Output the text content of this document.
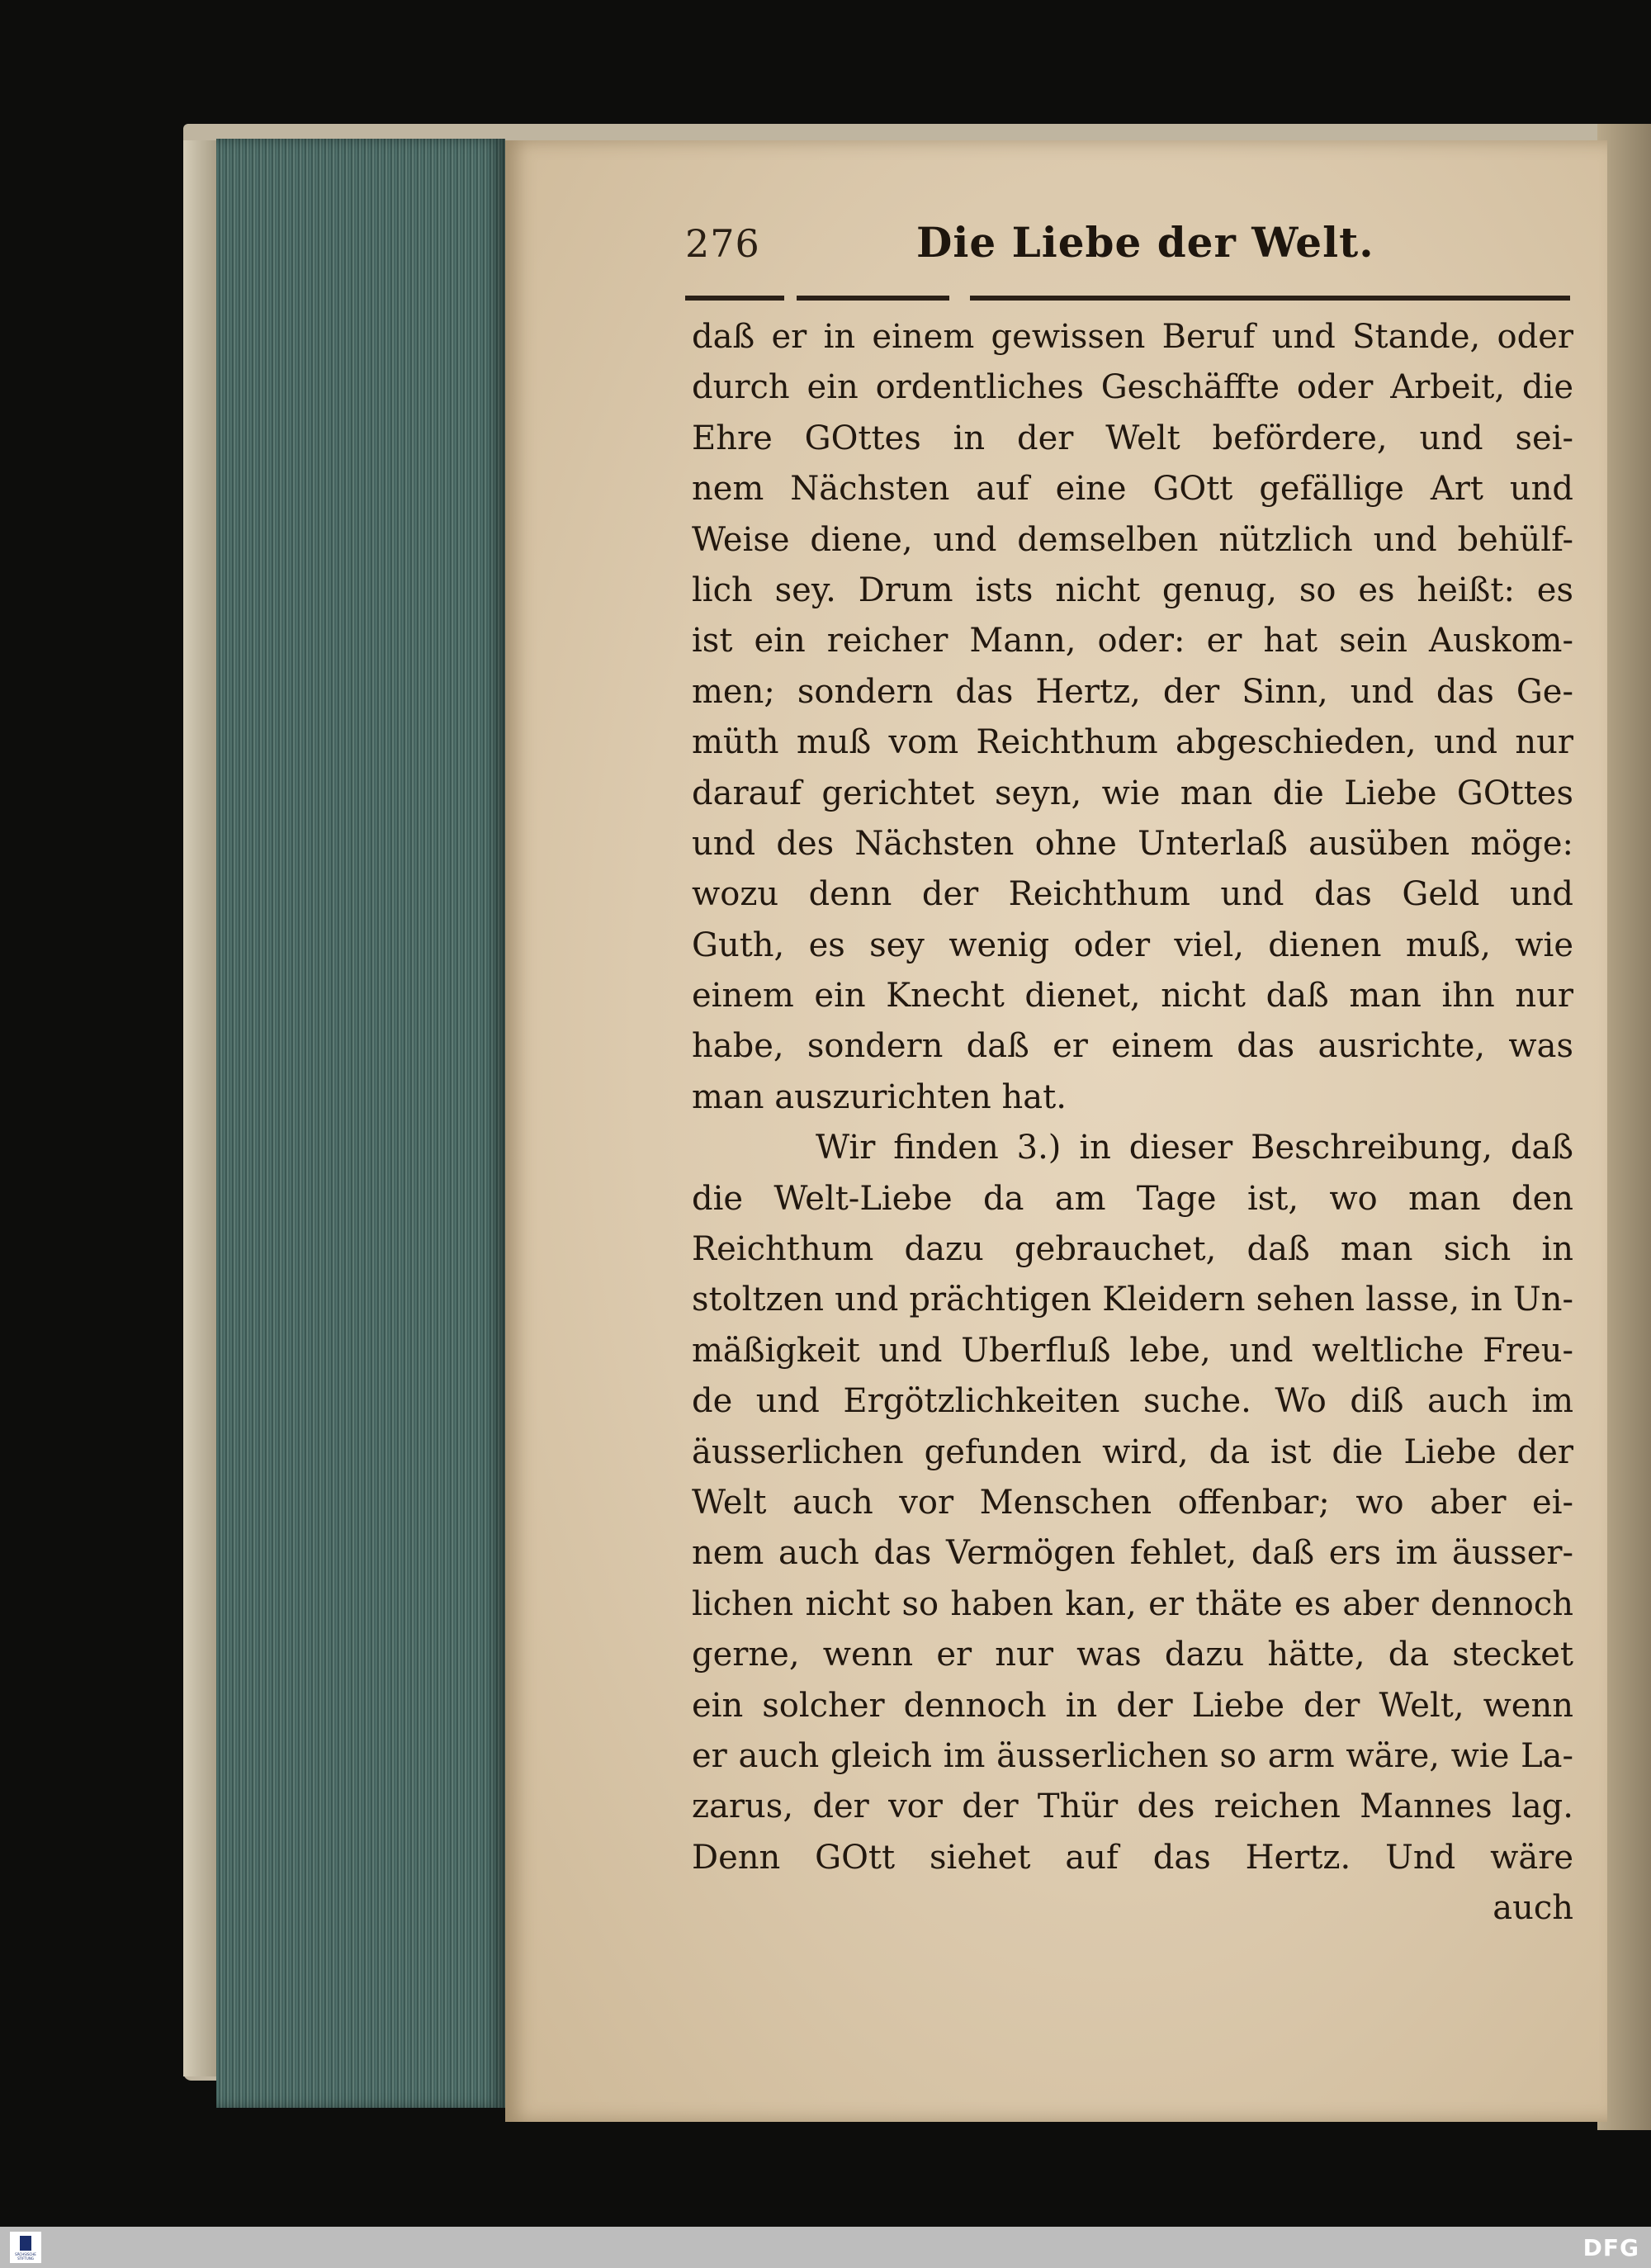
276	Die Liebe der Welt.
daß er in einem gewissen Beruf und Stande, oder
durch ein ordentliches Geschäffte oder Arbeit, die
Ehre GOttes in der Welt befördere, und sei-
nem Nächsten auf eine GOtt gefällige Art und
Weise diene, und demselben nützlich und behülf-
lich sey. Drum ists nicht genug, so es heißt: es
ist ein reicher Mann, oder: er hat sein Auskom-
men; sondern das Hertz, der Sinn, und das Ge-
müth muß vom Reichthum abgeschieden, und nur
darauf gerichtet seyn, wie man die Liebe GOttes
und des Nächsten ohne Unterlaß ausüben möge:
wozu denn der Reichthum und das Geld und
Guth, es sey wenig oder viel, dienen muß, wie
einem ein Knecht dienet, nicht daß man ihn nur
habe, sondern daß er einem das ausrichte, was
man auszurichten hat.
Wir finden 3.) in dieser Beschreibung, daß
die Welt-Liebe da am Tage ist, wo man den
Reichthum dazu gebrauchet, daß man sich in
stoltzen und prächtigen Kleidern sehen lasse, in Un-
mäßigkeit und Uberfluß lebe, und weltliche Freu-
de und Ergötzlichkeiten suche. Wo diß auch im
äusserlichen gefunden wird, da ist die Liebe der
Welt auch vor Menschen offenbar; wo aber ei-
nem auch das Vermögen fehlet, daß ers im äusser-
lichen nicht so haben kan, er thäte es aber dennoch
gerne, wenn er nur was dazu hätte, da stecket
ein solcher dennoch in der Liebe der Welt, wenn
er auch gleich im äusserlichen so arm wäre, wie La-
zarus, der vor der Thür des reichen Mannes lag.
Denn GOtt siehet auf das Hertz. Und wäre
auch
SÄCHSISCHE
STIFTUNG	DFG
